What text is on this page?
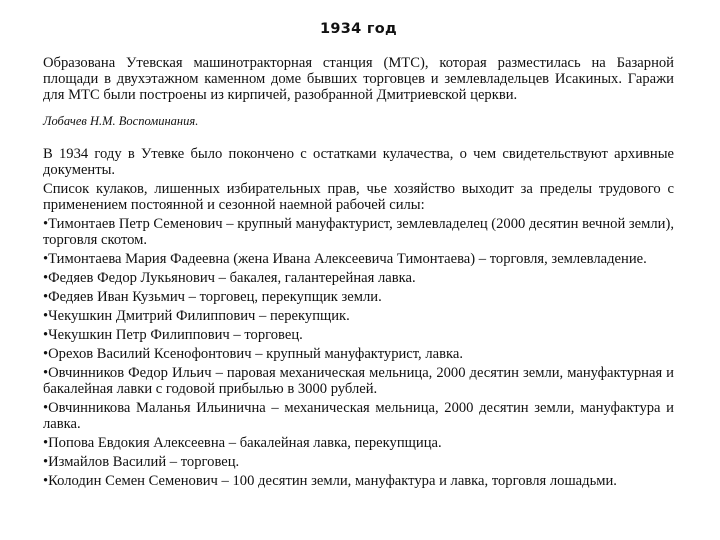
1934 год

Образована Утевская машинотракторная станция (МТС), которая разместилась на Базарной площади в двухэтажном каменном доме бывших торговцев и землевладельцев Исакиных. Гаражи для МТС были построены из кирпичей, разобранной Дмитриевской церкви.

Лобачев Н.М. Воспоминания.

В 1934 году в Утевке было покончено с остатками кулачества, о чем свидетельствуют архивные документы.

Список кулаков, лишенных избирательных прав, чье хозяйство выходит за пределы трудового с применением постоянной и сезонной наемной рабочей силы:

•Тимонтаев Петр Семенович – крупный мануфактурист, землевладелец (2000 десятин вечной земли), торговля скотом.
•Тимонтаева Мария Фадеевна (жена Ивана Алексеевича Тимонтаева) – торговля, землевладение.
•Федяев Федор Лукьянович – бакалея, галантерейная лавка.
•Федяев Иван Кузьмич – торговец, перекупщик земли.
•Чекушкин Дмитрий Филиппович – перекупщик.
•Чекушкин Петр Филиппович – торговец.
•Орехов Василий Ксенофонтович – крупный мануфактурист, лавка.
•Овчинников Федор Ильич – паровая механическая мельница, 2000 десятин земли, мануфактурная и бакалейная лавки с годовой прибылью в 3000 рублей.
•Овчинникова Маланья Ильинична – механическая мельница, 2000 десятин земли, мануфактура и лавка.
•Попова Евдокия Алексеевна – бакалейная лавка, перекупщица.
•Измайлов Василий – торговец.
•Колодин Семен Семенович – 100 десятин земли, мануфактура и лавка, торговля лошадьми.
